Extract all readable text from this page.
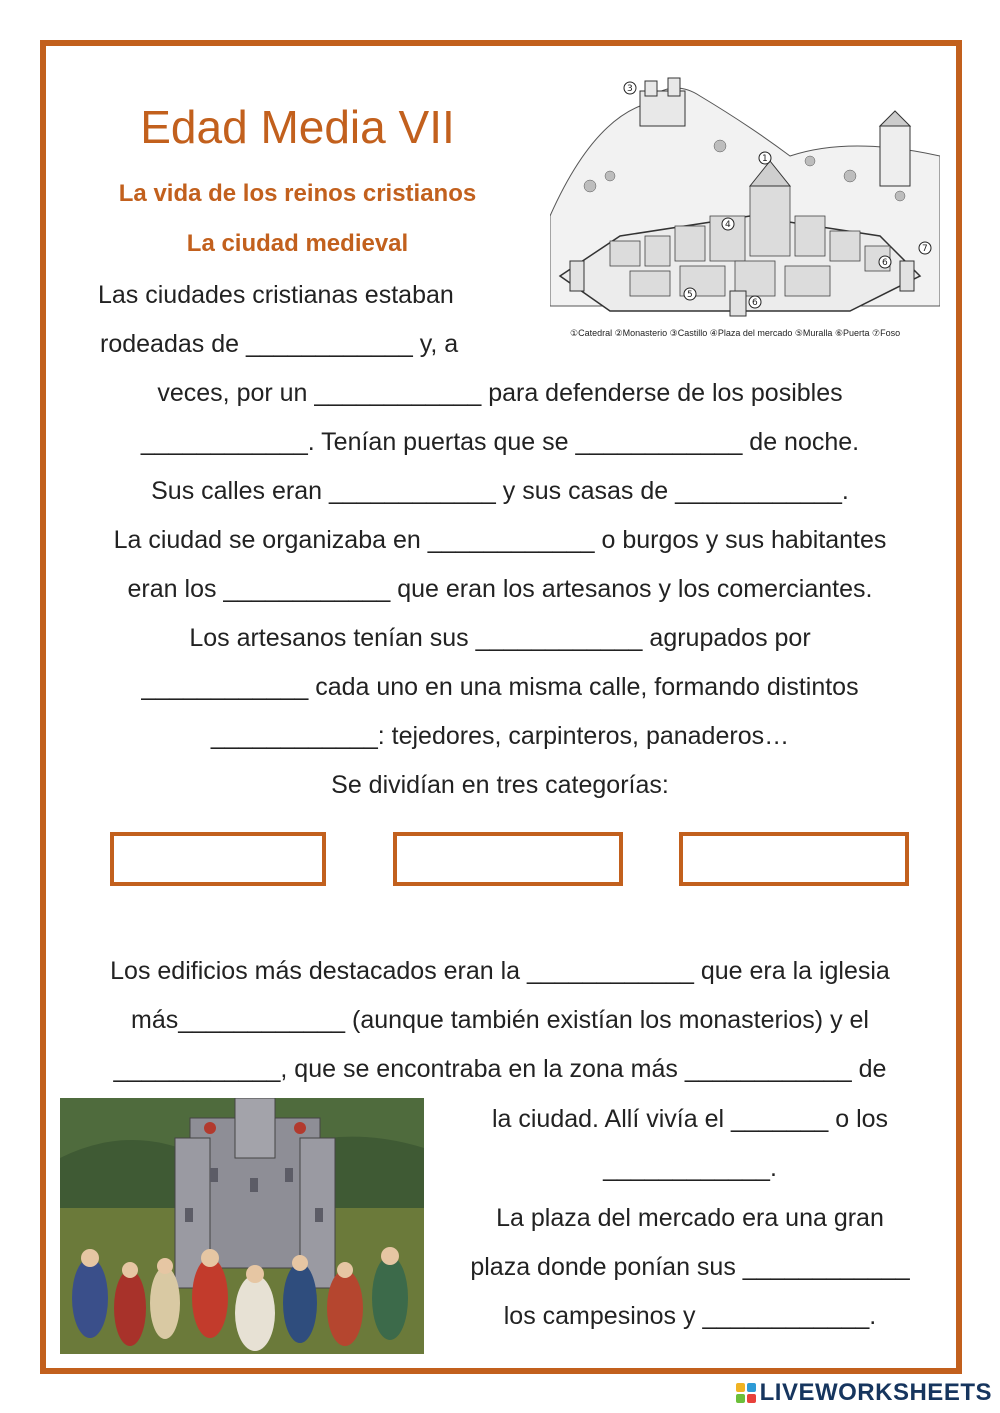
Edad Media VII
La vida de los reinos cristianos
La ciudad medieval
3
1
4
5
6
6
7
①Catedral ②Monasterio ③Castillo ④Plaza del mercado ⑤Muralla ⑥Puerta ⑦Foso
Las ciudades cristianas estaban
rodeadas de ____________ y, a
veces, por un ____________ para defenderse de los posibles
____________. Tenían puertas que se ____________ de noche.
Sus calles eran ____________ y sus casas de ____________.
La ciudad se organizaba en ____________ o burgos y sus habitantes
eran los ____________ que eran los artesanos y los comerciantes.
Los artesanos tenían sus ____________ agrupados por
____________ cada uno en una misma calle, formando distintos
____________: tejedores, carpinteros, panaderos…
Se dividían en tres categorías:
Los edificios más destacados eran la ____________ que era la iglesia
más____________ (aunque también existían los monasterios) y el
____________, que se encontraba en la zona más ____________ de
la ciudad. Allí vivía el _______ o los
____________.
La plaza del mercado era una gran
plaza donde ponían sus ____________
los campesinos y ____________.
LIVEWORKSHEETS
